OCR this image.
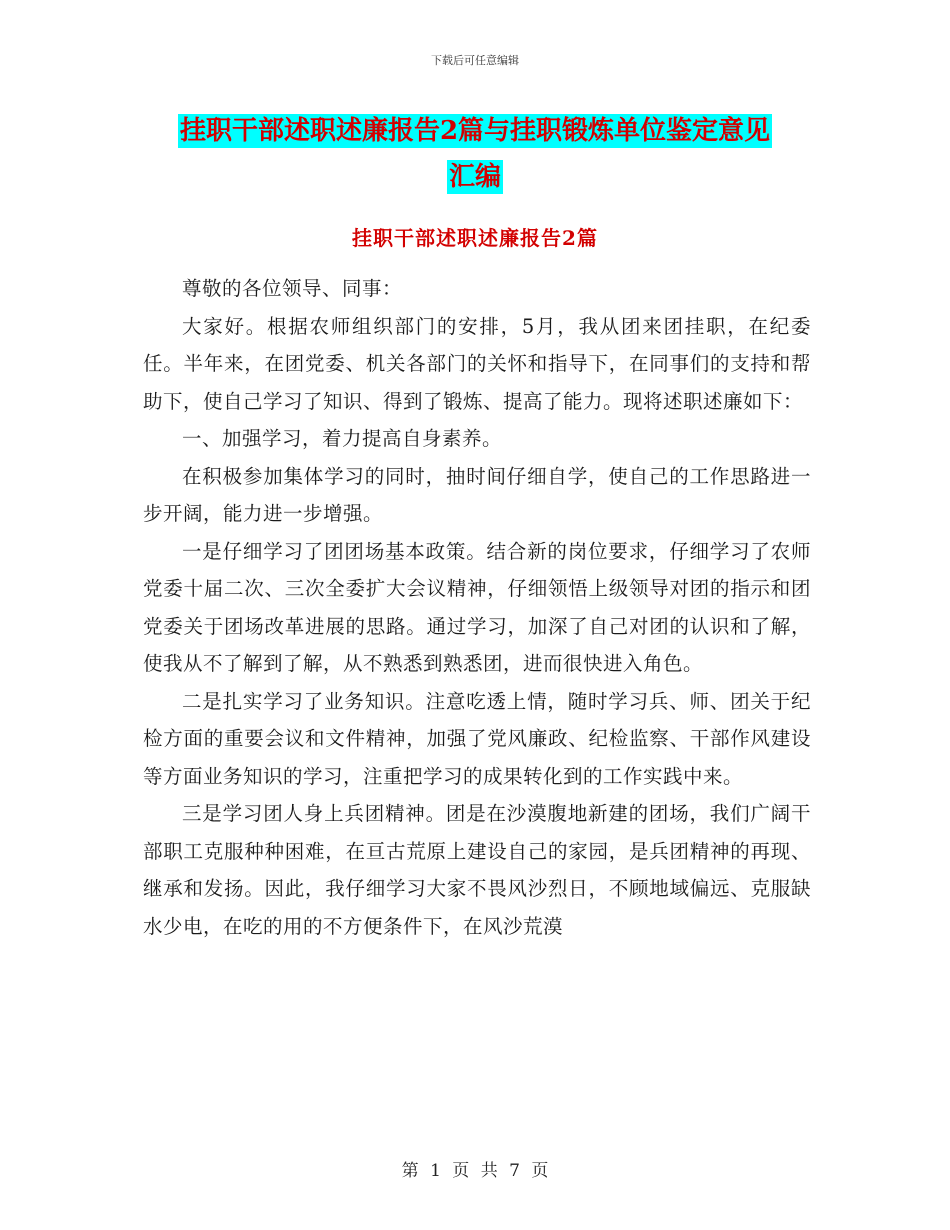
下载后可任意编辑
挂职干部述职述廉报告2篇与挂职锻炼单位鉴定意见
汇编
挂职干部述职述廉报告2篇

尊敬的各位领导、同事：

大家好。根据农师组织部门的安排，5月，我从团来团挂职，在纪委任。半年来，在团党委、机关各部门的关怀和指导下，在同事们的支持和帮助下，使自己学习了知识、得到了锻炼、提高了能力。现将述职述廉如下：

一、加强学习，着力提高自身素养。

在积极参加集体学习的同时，抽时间仔细自学，使自己的工作思路进一步开阔，能力进一步增强。

一是仔细学习了团团场基本政策。结合新的岗位要求，仔细学习了农师党委十届二次、三次全委扩大会议精神，仔细领悟上级领导对团的指示和团党委关于团场改革进展的思路。通过学习，加深了自己对团的认识和了解，使我从不了解到了解，从不熟悉到熟悉团，进而很快进入角色。

二是扎实学习了业务知识。注意吃透上情，随时学习兵、师、团关于纪检方面的重要会议和文件精神，加强了党风廉政、纪检监察、干部作风建设等方面业务知识的学习，注重把学习的成果转化到的工作实践中来。

三是学习团人身上兵团精神。团是在沙漠腹地新建的团场，我们广阔干部职工克服种种困难，在亘古荒原上建设自己的家园，是兵团精神的再现、继承和发扬。因此，我仔细学习大家不畏风沙烈日，不顾地域偏远、克服缺水少电，在吃的用的不方便条件下，在风沙荒漠

第 1 页 共 7 页
